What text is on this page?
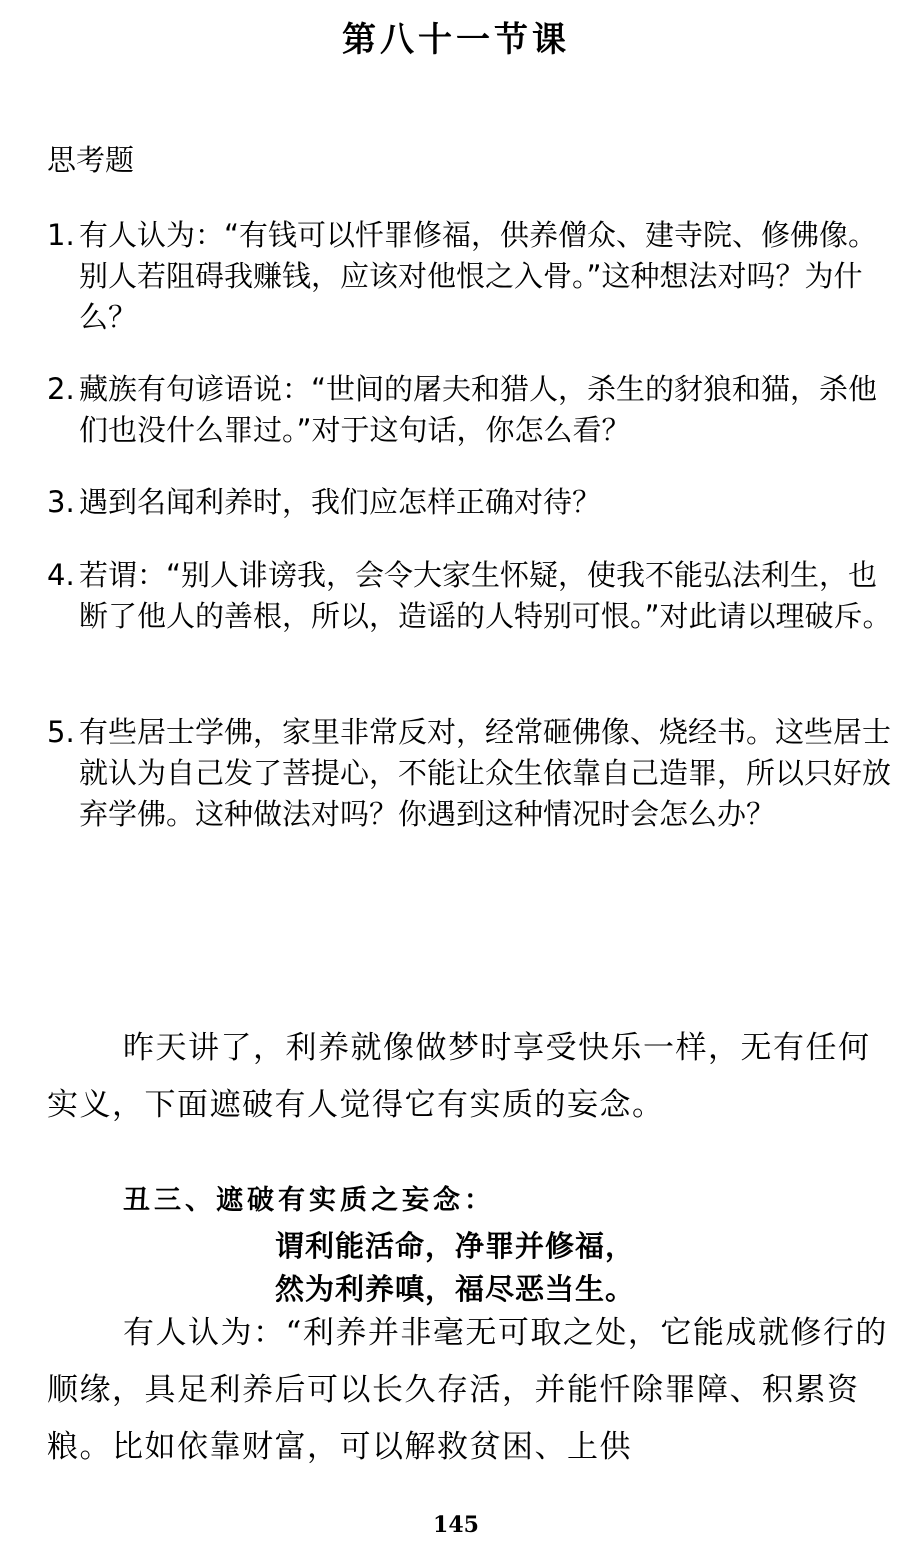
第八十一节课
思考题
1. 有人认为：“有钱可以忏罪修福，供养僧众、建寺院、修佛像。别人若阻碍我赚钱，应该对他恨之入骨。”这种想法对吗？为什么？
2. 藏族有句谚语说：“世间的屠夫和猎人，杀生的豺狼和猫，杀他们也没什么罪过。”对于这句话，你怎么看？
3. 遇到名闻利养时，我们应怎样正确对待？
4. 若谓：“别人诽谤我，会令大家生怀疑，使我不能弘法利生，也断了他人的善根，所以，造谣的人特别可恨。”对此请以理破斥。
5. 有些居士学佛，家里非常反对，经常砸佛像、烧经书。这些居士就认为自己发了菩提心，不能让众生依靠自己造罪，所以只好放弃学佛。这种做法对吗？你遇到这种情况时会怎么办？
昨天讲了，利养就像做梦时享受快乐一样，无有任何实义，下面遮破有人觉得它有实质的妄念。
丑三、遮破有实质之妄念：
谓利能活命，净罪并修福，
然为利养嗔，福尽恶当生。
有人认为：“利养并非毫无可取之处，它能成就修行的顺缘，具足利养后可以长久存活，并能忏除罪障、积累资粮。比如依靠财富，可以解救贫困、上供
145
